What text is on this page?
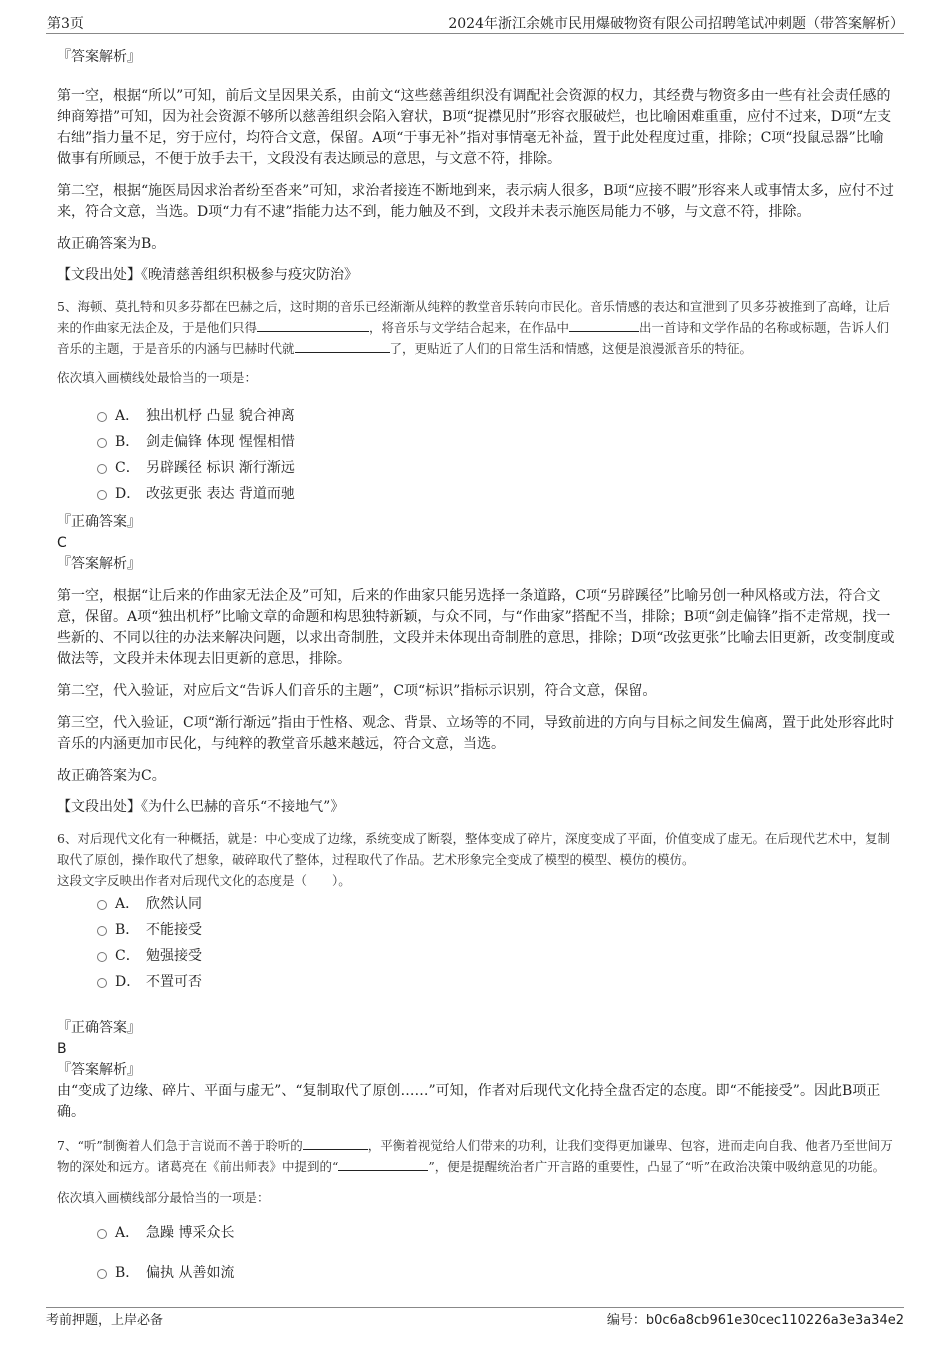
第3页	2024年浙江余姚市民用爆破物资有限公司招聘笔试冲刺题（带答案解析）

『答案解析』

第一空，根据“所以”可知，前后文呈因果关系，由前文“这些慈善组织没有调配社会资源的权力，其经费与物资多由一些有社会责任感的绅商筹措”可知，因为社会资源不够所以慈善组织会陷入窘状，B项“捉襟见肘”形容衣服破烂，也比喻困难重重，应付不过来，D项“左支右绌”指力量不足，穷于应付，均符合文意，保留。A项“于事无补”指对事情毫无补益，置于此处程度过重，排除；C项“投鼠忌器”比喻做事有所顾忌，不便于放手去干，文段没有表达顾忌的意思，与文意不符，排除。

第二空，根据“施医局因求治者纷至沓来”可知，求治者接连不断地到来，表示病人很多，B项“应接不暇”形容来人或事情太多，应付不过来，符合文意，当选。D项“力有不逮”指能力达不到，能力触及不到，文段并未表示施医局能力不够，与文意不符，排除。

故正确答案为B。

【文段出处】《晚清慈善组织积极参与疫灾防治》

5、海顿、莫扎特和贝多芬都在巴赫之后，这时期的音乐已经渐渐从纯粹的教堂音乐转向市民化。音乐情感的表达和宣泄到了贝多芬被推到了高峰，让后来的作曲家无法企及，于是他们只得	，将音乐与文学结合起来，在作品中	出一首诗和文学作品的名称或标题，告诉人们音乐的主题，于是音乐的内涵与巴赫时代就	了，更贴近了人们的日常生活和情感，这便是浪漫派音乐的特征。

依次填入画横线处最恰当的一项是：

A． 独出机杼 凸显 貌合神离
B． 剑走偏锋 体现 惺惺相惜
C． 另辟蹊径 标识 渐行渐远
D． 改弦更张 表达 背道而驰

『正确答案』

C

『答案解析』

第一空，根据“让后来的作曲家无法企及”可知，后来的作曲家只能另选择一条道路，C项“另辟蹊径”比喻另创一种风格或方法，符合文意，保留。A项“独出机杼”比喻文章的命题和构思独特新颖，与众不同，与“作曲家”搭配不当，排除；B项“剑走偏锋”指不走常规，找一些新的、不同以往的办法来解决问题，以求出奇制胜，文段并未体现出奇制胜的意思，排除；D项“改弦更张”比喻去旧更新，改变制度或做法等，文段并未体现去旧更新的意思，排除。

第二空，代入验证，对应后文“告诉人们音乐的主题”，C项“标识”指标示识别，符合文意，保留。

第三空，代入验证，C项“渐行渐远”指由于性格、观念、背景、立场等的不同，导致前进的方向与目标之间发生偏离，置于此处形容此时音乐的内涵更加市民化，与纯粹的教堂音乐越来越远，符合文意，当选。

故正确答案为C。

【文段出处】《为什么巴赫的音乐“不接地气”》

6、对后现代文化有一种概括，就是：中心变成了边缘，系统变成了断裂，整体变成了碎片，深度变成了平面，价值变成了虚无。在后现代艺术中，复制取代了原创，操作取代了想象，破碎取代了整体，过程取代了作品。艺术形象完全变成了模型的模型、模仿的模仿。

这段文字反映出作者对后现代文化的态度是（　　）。

A． 欣然认同
B． 不能接受
C． 勉强接受
D． 不置可否

『正确答案』

B

『答案解析』

由“变成了边缘、碎片、平面与虚无”、“复制取代了原创……”可知，作者对后现代文化持全盘否定的态度。即“不能接受”。因此B项正确。

7、“听”制衡着人们急于言说而不善于聆听的	，平衡着视觉给人们带来的功利，让我们变得更加谦卑、包容，进而走向自我、他者乃至世间万物的深处和远方。诸葛亮在《前出师表》中提到的“	”，便是提醒统治者广开言路的重要性，凸显了“听”在政治决策中吸纳意见的功能。

依次填入画横线部分最恰当的一项是：

A． 急躁 博采众长
B． 偏执 从善如流
考前押题，上岸必备	编号：b0c6a8cb961e30cec110226a3e3a34e2
